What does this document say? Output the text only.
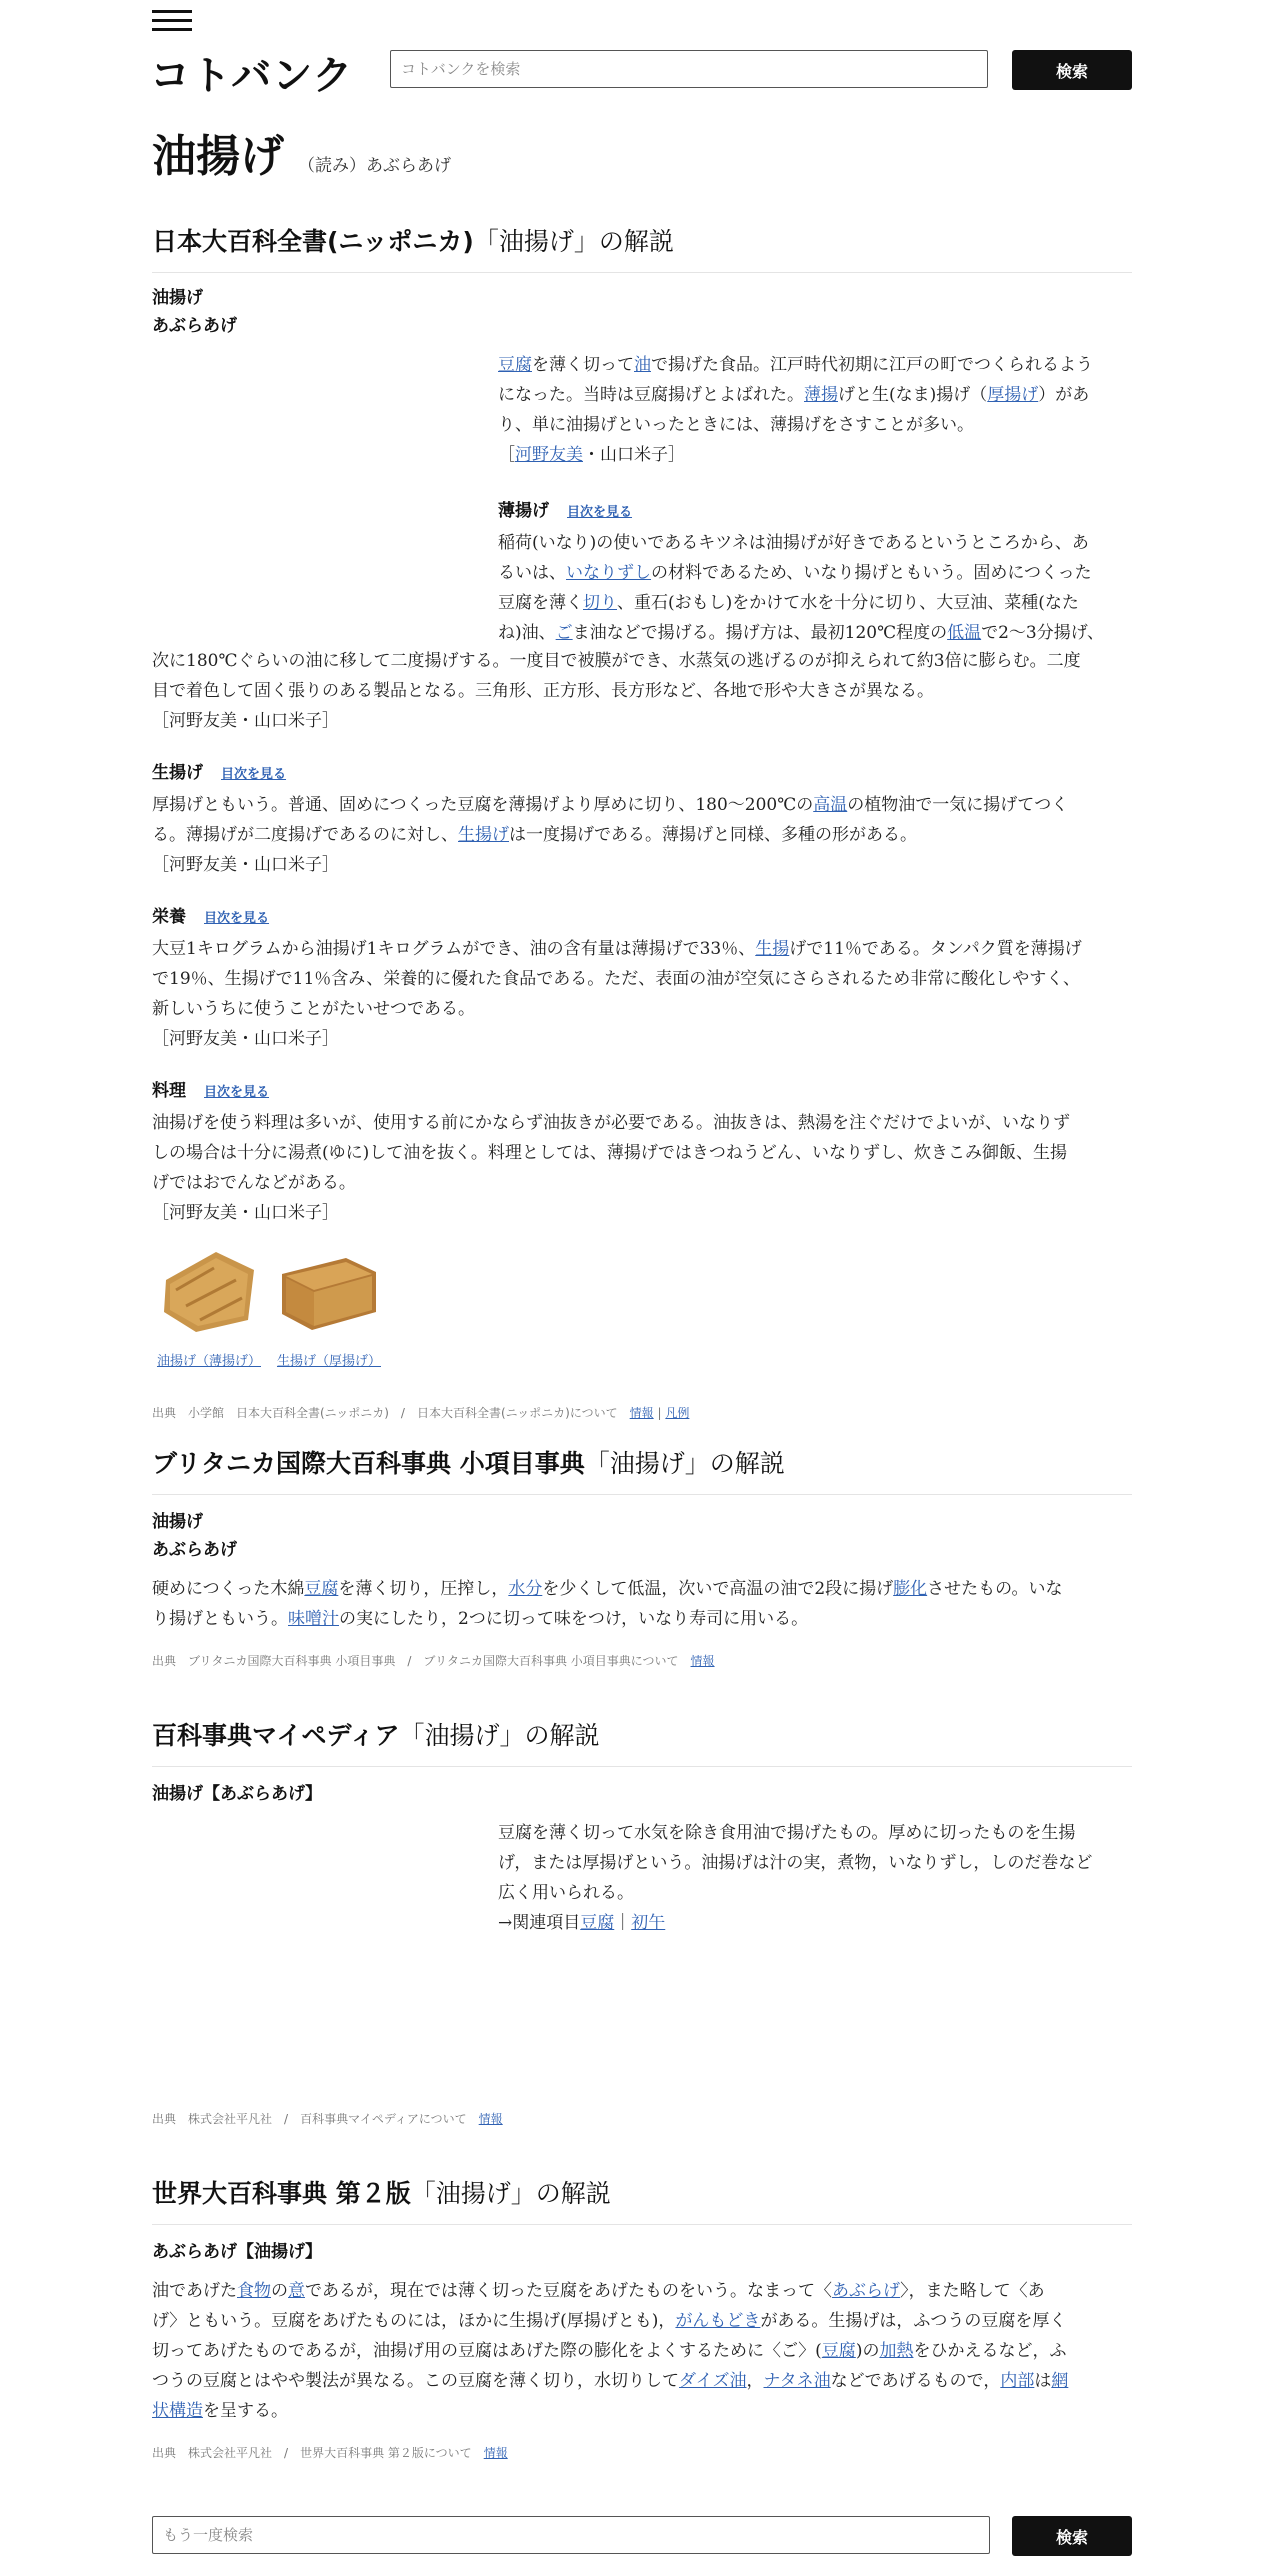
コトバンク
コトバンクを検索	検索
油揚げ （読み）あぶらあげ
日本大百科全書(ニッポニカ)「油揚げ」の解説
油揚げ
あぶらあげ
豆腐を薄く切って油で揚げた食品。江戸時代初期に江戸の町でつくられるよう
になった。当時は豆腐揚げとよばれた。薄揚げと生(なま)揚げ（厚揚げ）があ
り、単に油揚げといったときには、薄揚げをさすことが多い。
［河野友美・山口米子］
薄揚げ 目次を見る
稲荷(いなり)の使いであるキツネは油揚げが好きであるというところから、あ
るいは、いなりずしの材料であるため、いなり揚げともいう。固めにつくった
豆腐を薄く切り、重石(おもし)をかけて水を十分に切り、大豆油、菜種(なた
ね)油、ごま油などで揚げる。揚げ方は、最初120℃程度の低温で2～3分揚げ、
次に180℃ぐらいの油に移して二度揚げする。一度目で被膜ができ、水蒸気の逃げるのが抑えられて約3倍に膨らむ。二度
目で着色して固く張りのある製品となる。三角形、正方形、長方形など、各地で形や大きさが異なる。
［河野友美・山口米子］
生揚げ 目次を見る
厚揚げともいう。普通、固めにつくった豆腐を薄揚げより厚めに切り、180～200℃の高温の植物油で一気に揚げてつく
る。薄揚げが二度揚げであるのに対し、生揚げは一度揚げである。薄揚げと同様、多種の形がある。
［河野友美・山口米子］
栄養 目次を見る
大豆1キログラムから油揚げ1キログラムができ、油の含有量は薄揚げで33％、生揚げで11％である。タンパク質を薄揚げ
で19％、生揚げで11％含み、栄養的に優れた食品である。ただ、表面の油が空気にさらされるため非常に酸化しやすく、
新しいうちに使うことがたいせつである。
［河野友美・山口米子］
料理 目次を見る
油揚げを使う料理は多いが、使用する前にかならず油抜きが必要である。油抜きは、熱湯を注ぐだけでよいが、いなりず
しの場合は十分に湯煮(ゆに)して油を抜く。料理としては、薄揚げではきつねうどん、いなりずし、炊きこみ御飯、生揚
げではおでんなどがある。
［河野友美・山口米子］
油揚げ（薄揚げ） 生揚げ（厚揚げ）
出典　小学館　日本大百科全書(ニッポニカ)　 /　 日本大百科全書(ニッポニカ)について　 情報 | 凡例
ブリタニカ国際大百科事典 小項目事典「油揚げ」の解説
油揚げ
あぶらあげ
硬めにつくった木綿豆腐を薄く切り，圧搾し，水分を少くして低温，次いで高温の油で2段に揚げ膨化させたもの。いな
り揚げともいう。味噌汁の実にしたり，2つに切って味をつけ，いなり寿司に用いる。
出典　ブリタニカ国際大百科事典 小項目事典　 /　 ブリタニカ国際大百科事典 小項目事典について　 情報
百科事典マイペディア「油揚げ」の解説
油揚げ【あぶらあげ】
豆腐を薄く切って水気を除き食用油で揚げたもの。厚めに切ったものを生揚
げ，または厚揚げという。油揚げは汁の実，煮物，いなりずし，しのだ巻など
広く用いられる。
→関連項目豆腐｜初午
出典　株式会社平凡社　 /　 百科事典マイペディアについて　 情報
世界大百科事典 第２版「油揚げ」の解説
あぶらあげ【油揚げ】
油であげた食物の意であるが，現在では薄く切った豆腐をあげたものをいう。なまって〈あぶらげ〉，また略して〈あ
げ〉ともいう。豆腐をあげたものには，ほかに生揚げ(厚揚げとも)，がんもどきがある。生揚げは，ふつうの豆腐を厚く
切ってあげたものであるが，油揚げ用の豆腐はあげた際の膨化をよくするために〈ご〉(豆腐)の加熱をひかえるなど，ふ
つうの豆腐とはやや製法が異なる。この豆腐を薄く切り，水切りしてダイズ油，ナタネ油などであげるもので，内部は網
状構造を呈する。
出典　株式会社平凡社　 /　 世界大百科事典 第２版について　 情報
もう一度検索
検索
